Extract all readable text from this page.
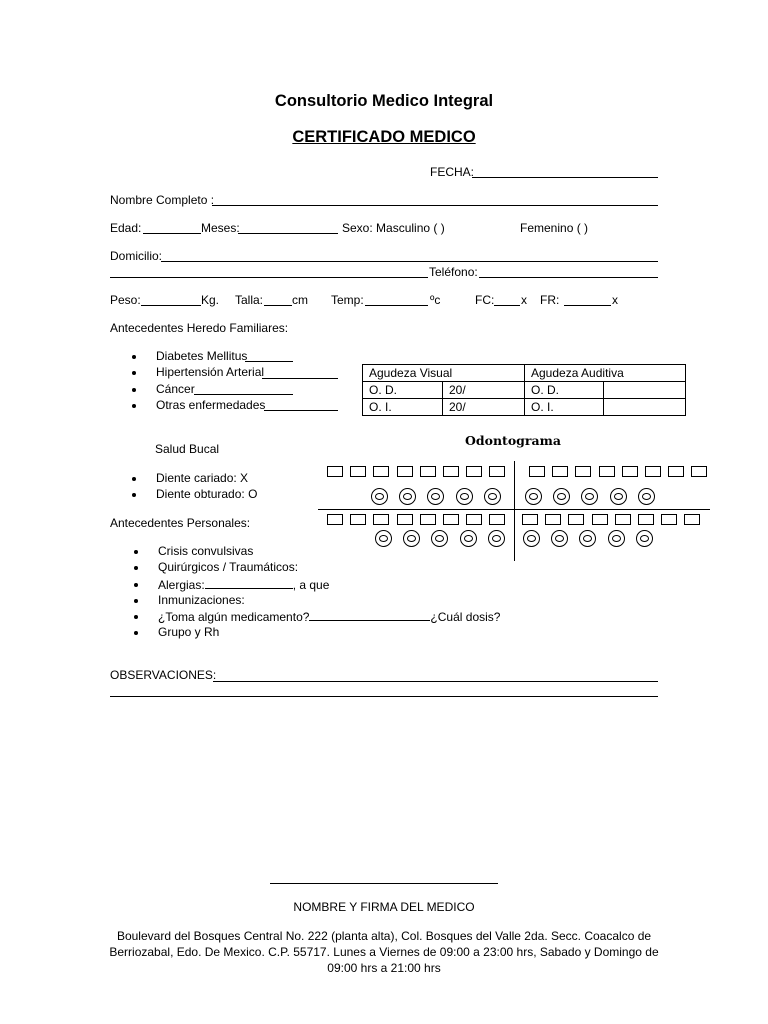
Consultorio Medico Integral
CERTIFICADO MEDICO
FECHA:
Nombre Completo :
Edad:	Meses:	Sexo: Masculino ( )	Femenino ( )
Domicilio:
Teléfono:
Peso:	Kg. Talla: cm Temp:	ºc	FC: x FR:	x
Antecedentes Heredo Familiares:
Diabetes Mellitus
Hipertensión Arterial
Cáncer
Otras enfermedades
Agudeza Visual		Agudeza Auditiva	
O. D.	20/	O. D.	
O. I.	20/	O. I.	
Salud Bucal
Odontograma
Diente cariado: X
Diente obturado: O
Antecedentes Personales:
Crisis convulsivas
Quirúrgicos / Traumáticos:
Alergias:	, a que
Inmunizaciones:
¿Toma algún medicamento?	¿Cuál dosis?
Grupo y Rh
OBSERVACIONES:
NOMBRE Y FIRMA DEL MEDICO
Boulevard del Bosques Central No. 222 (planta alta), Col. Bosques del Valle 2da. Secc. Coacalco de Berriozabal, Edo. De Mexico. C.P. 55717. Lunes a Viernes de 09:00 a 23:00 hrs, Sabado y Domingo de 09:00 hrs a 21:00 hrs
